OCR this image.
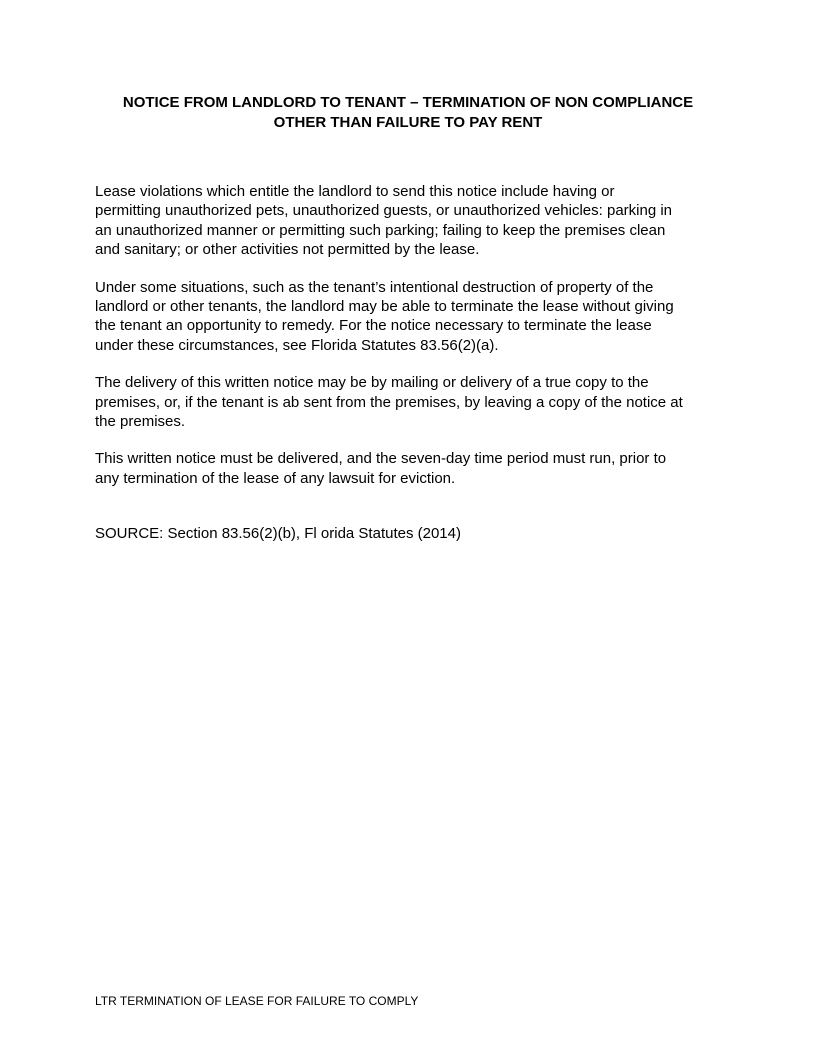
NOTICE FROM LANDLORD TO TENANT – TERMINATION OF NON COMPLIANCE
OTHER THAN FAILURE TO PAY RENT

Lease violations which entitle the landlord to send this notice include having or
permitting unauthorized pets, unauthorized guests, or unauthorized vehicles: parking in
an unauthorized manner or permitting such parking; failing to keep the premises clean
and sanitary; or other activities not permitted by the lease.

Under some situations, such as the tenant’s intentional destruction of property of the
landlord or other tenants, the landlord may be able to terminate the lease without giving
the tenant an opportunity to remedy. For the notice necessary to terminate the lease
under these circumstances, see Florida Statutes 83.56(2)(a).

The delivery of this written notice may be by mailing or delivery of a true copy to the
premises, or, if the tenant is ab sent from the premises, by leaving a copy of the notice at
the premises.

This written notice must be delivered, and the seven-day time period must run, prior to
any termination of the lease of any lawsuit for eviction.

SOURCE: Section 83.56(2)(b), Fl orida Statutes (2014)
LTR TERMINATION OF LEASE FOR FAILURE TO COMPLY
